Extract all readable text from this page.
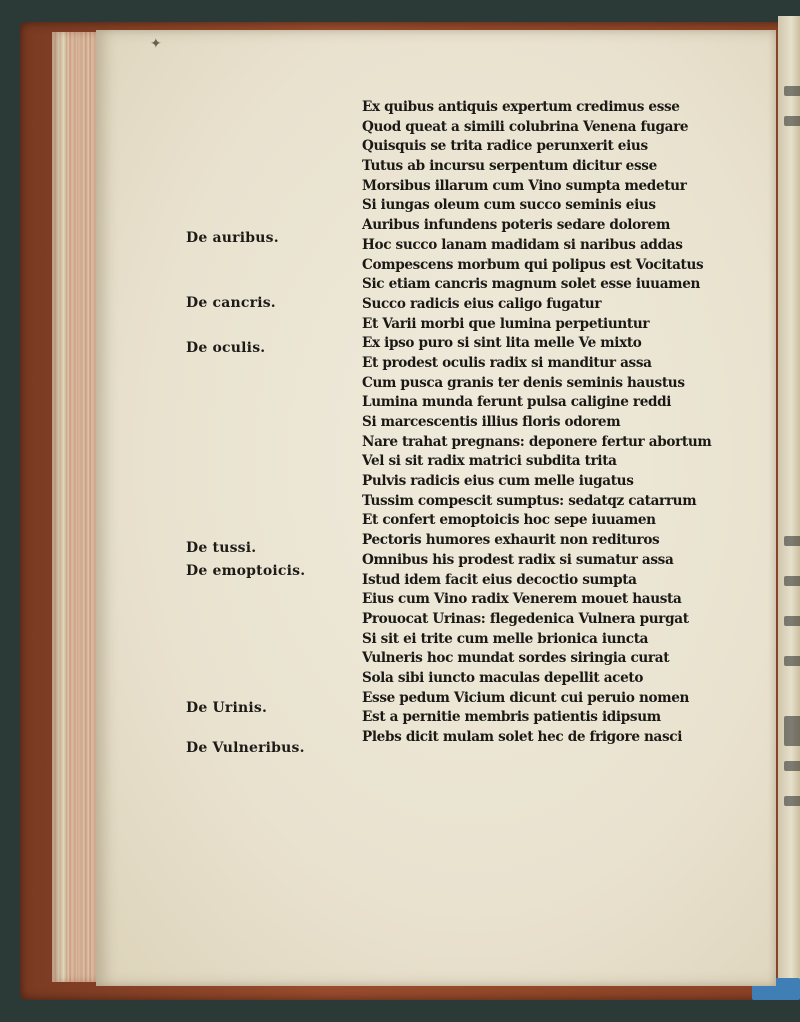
✦
De auribus.
De cancris.
De oculis.
De tussi.
De emoptoicis.
De Urinis.
De Vulneribus.
Ex quibus antiquis expertum credimus esse
Quod queat a simili colubrina Venena fugare
Quisquis se trita radice perunxerit eius
Tutus ab incursu serpentum dicitur esse
Morsibus illarum cum Vino sumpta medetur
Si iungas oleum cum succo seminis eius
Auribus infundens poteris sedare dolorem
Hoc succo lanam madidam si naribus addas
Compescens morbum qui polipus est Vocitatus
Sic etiam cancris magnum solet esse iuuamen
Succo radicis eius caligo fugatur
Et Varii morbi que lumina perpetiuntur
Ex ipso puro si sint lita melle Ve mixto
Et prodest oculis radix si manditur assa
Cum pusca granis ter denis seminis haustus
Lumina munda ferunt pulsa caligine reddi
Si marcescentis illius floris odorem
Nare trahat pregnans: deponere fertur abortum
Vel si sit radix matrici subdita trita
Pulvis radicis eius cum melle iugatus
Tussim compescit sumptus: sedatqz catarrum
Et confert emoptoicis hoc sepe iuuamen
Pectoris humores exhaurit non redituros
Omnibus his prodest radix si sumatur assa
Istud idem facit eius decoctio sumpta
Eius cum Vino radix Venerem mouet hausta
Prouocat Urinas: flegedenica Vulnera purgat
Si sit ei trite cum melle brionica iuncta
Vulneris hoc mundat sordes siringia curat
Sola sibi iuncto maculas depellit aceto
Esse pedum Vicium dicunt cui peruio nomen
Est a pernitie membris patientis idipsum
Plebs dicit mulam solet hec de frigore nasci
